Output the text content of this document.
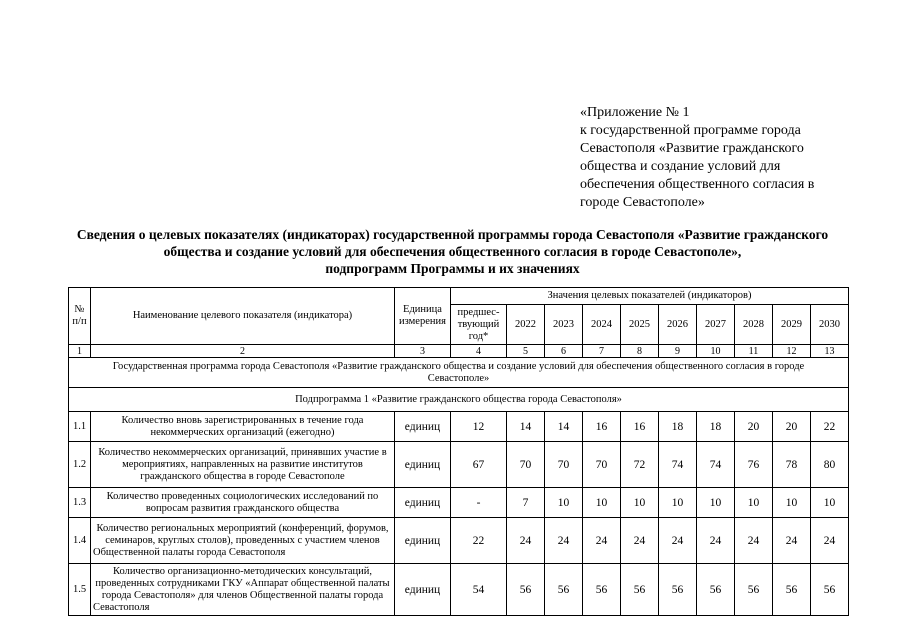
«Приложение № 1
к государственной программе города
Севастополя «Развитие гражданского
общества и создание условий для
обеспечения общественного согласия в
городе Севастополе»
Сведения о целевых показателях (индикаторах) государственной программы города Севастополя «Развитие гражданского
общества и создание условий для обеспечения общественного согласия в городе Севастополе»,
подпрограмм Программы и их значениях
№ п/п	Наименование целевого показателя (индикатора)	Единица измерения	Значения целевых показателей (индикаторов)									
			предшес-твующий год*	2022	2023	2024	2025	2026	2027	2028	2029	2030
1	2	3	4	5	6	7	8	9	10	11	12	13
Государственная программа города Севастополя «Развитие гражданского общества и создание условий для обеспечения общественного согласия в городе Севастополе»												
Подпрограмма 1 «Развитие гражданского общества города Севастополя»												
1.1	Количество вновь зарегистрированных в течение года некоммерческих организаций (ежегодно)	единиц	12	14	14	16	16	18	18	20	20	22
1.2	Количество некоммерческих организаций, принявших участие в мероприятиях, направленных на развитие институтов гражданского общества в городе Севастополе	единиц	67	70	70	70	72	74	74	76	78	80
1.3	Количество проведенных социологических исследований по вопросам развития гражданского общества	единиц	-	7	10	10	10	10	10	10	10	10
1.4	Количество региональных мероприятий (конференций, форумов, семинаров, круглых столов), проведенных с участием членов Общественной палаты города Севастополя	единиц	22	24	24	24	24	24	24	24	24	24
1.5	Количество организационно-методических консультаций, проведенных сотрудниками ГКУ «Аппарат общественной палаты города Севастополя» для членов Общественной палаты города Севастополя	единиц	54	56	56	56	56	56	56	56	56	56
